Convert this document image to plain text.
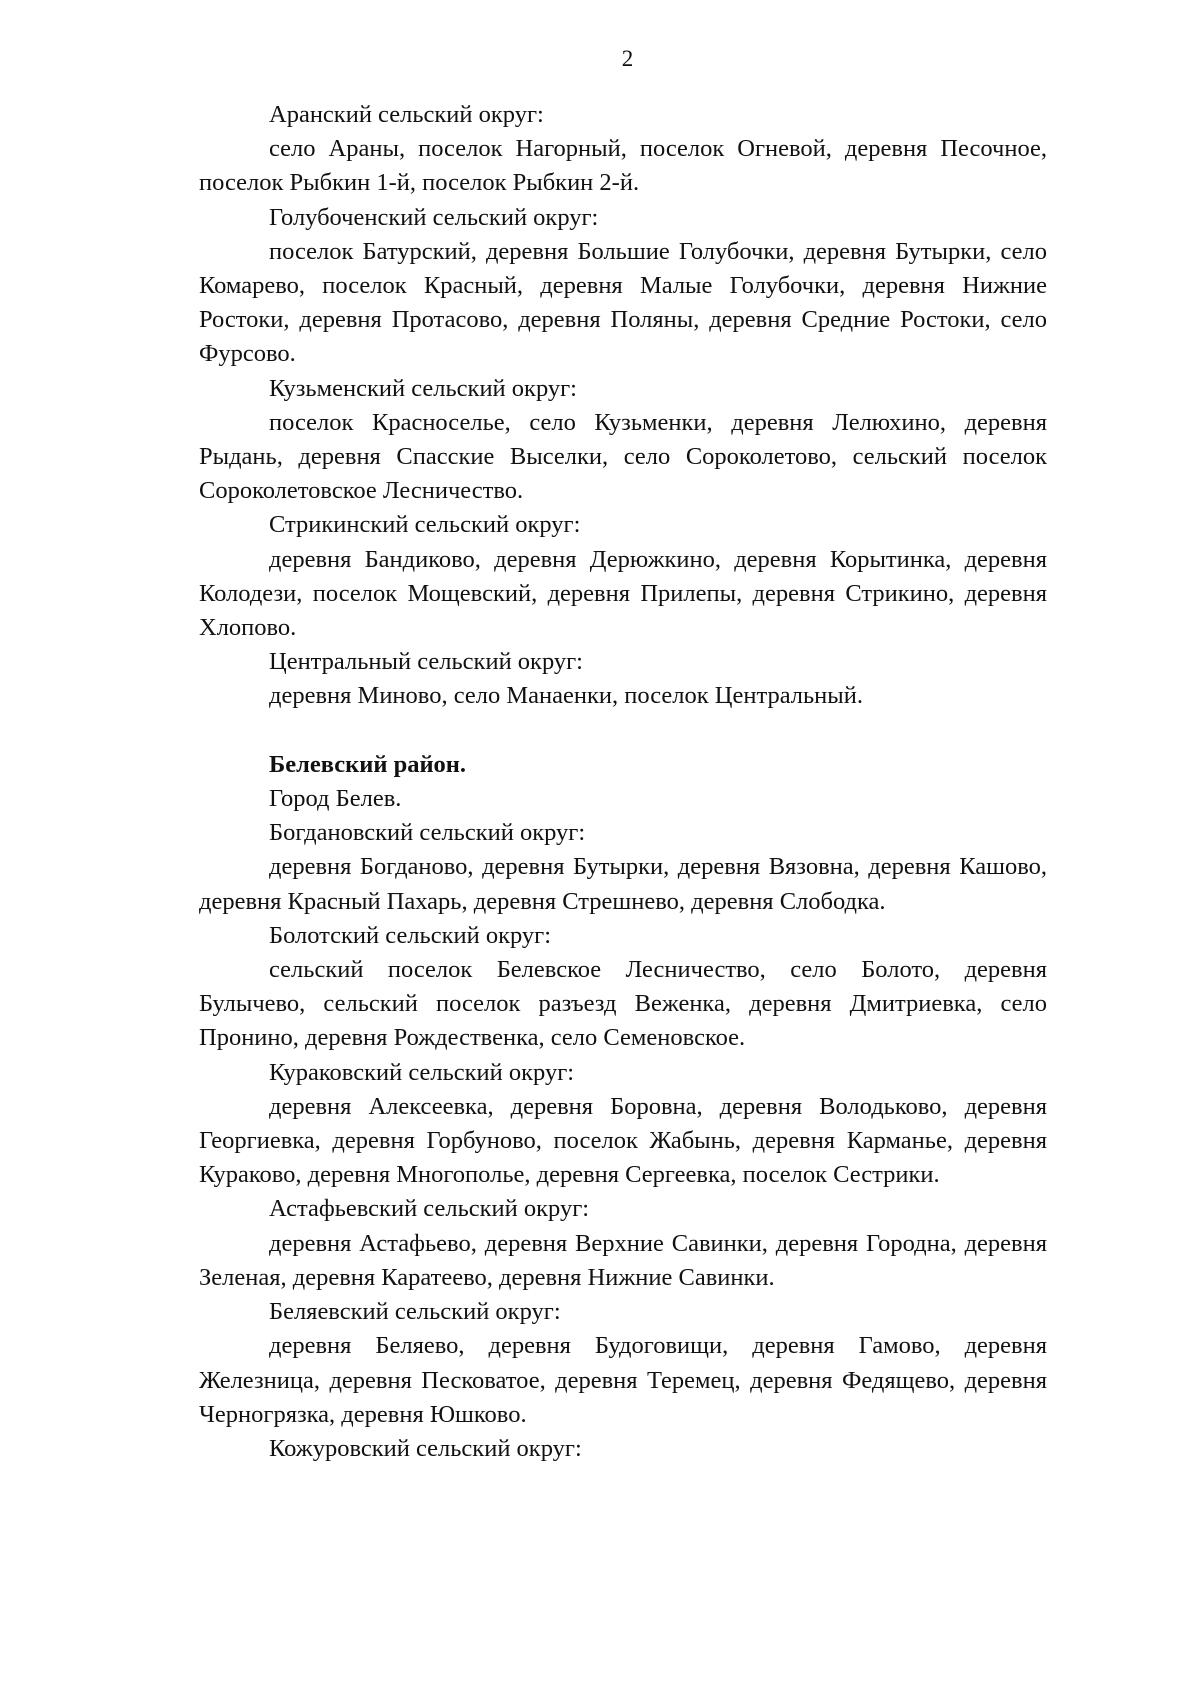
2

Аранский сельский округ:

село Араны, поселок Нагорный, поселок Огневой, деревня Песочное, поселок Рыбкин 1-й, поселок Рыбкин 2-й.

Голубоченский сельский округ:

поселок Батурский, деревня Большие Голубочки, деревня Бутырки, село Комарево, поселок Красный, деревня Малые Голубочки, деревня Нижние Ростоки, деревня Протасово, деревня Поляны, деревня Средние Ростоки, село Фурсово.

Кузьменский сельский округ:

поселок Красноселье, село Кузьменки, деревня Лелюхино, деревня Рыдань, деревня Спасские Выселки, село Сороколетово, сельский поселок Сороколетовское Лесничество.

Стрикинский сельский округ:

деревня Бандиково, деревня Дерюжкино, деревня Корытинка, деревня Колодези, поселок Мощевский, деревня Прилепы, деревня Стрикино, деревня Хлопово.

Центральный сельский округ:

деревня Миново, село Манаенки, поселок Центральный.

Белевский район.

Город Белев.

Богдановский сельский округ:

деревня Богданово, деревня Бутырки, деревня Вязовна, деревня Кашово, деревня Красный Пахарь, деревня Стрешнево, деревня Слободка.

Болотский сельский округ:

сельский поселок Белевское Лесничество, село Болото, деревня Булычево, сельский поселок разъезд Веженка, деревня Дмитриевка, село Пронино, деревня Рождественка, село Семеновское.

Кураковский сельский округ:

деревня Алексеевка, деревня Боровна, деревня Володьково, деревня Георгиевка, деревня Горбуново, поселок Жабынь, деревня Карманье, деревня Кураково, деревня Многополье, деревня Сергеевка, поселок Сестрики.

Астафьевский сельский округ:

деревня Астафьево, деревня Верхние Савинки, деревня Городна, деревня Зеленая, деревня Каратеево, деревня Нижние Савинки.

Беляевский сельский округ:

деревня Беляево, деревня Будоговищи, деревня Гамово, деревня Железница, деревня Песковатое, деревня Теремец, деревня Федящево, деревня Черногрязка, деревня Юшково.

Кожуровский сельский округ:
